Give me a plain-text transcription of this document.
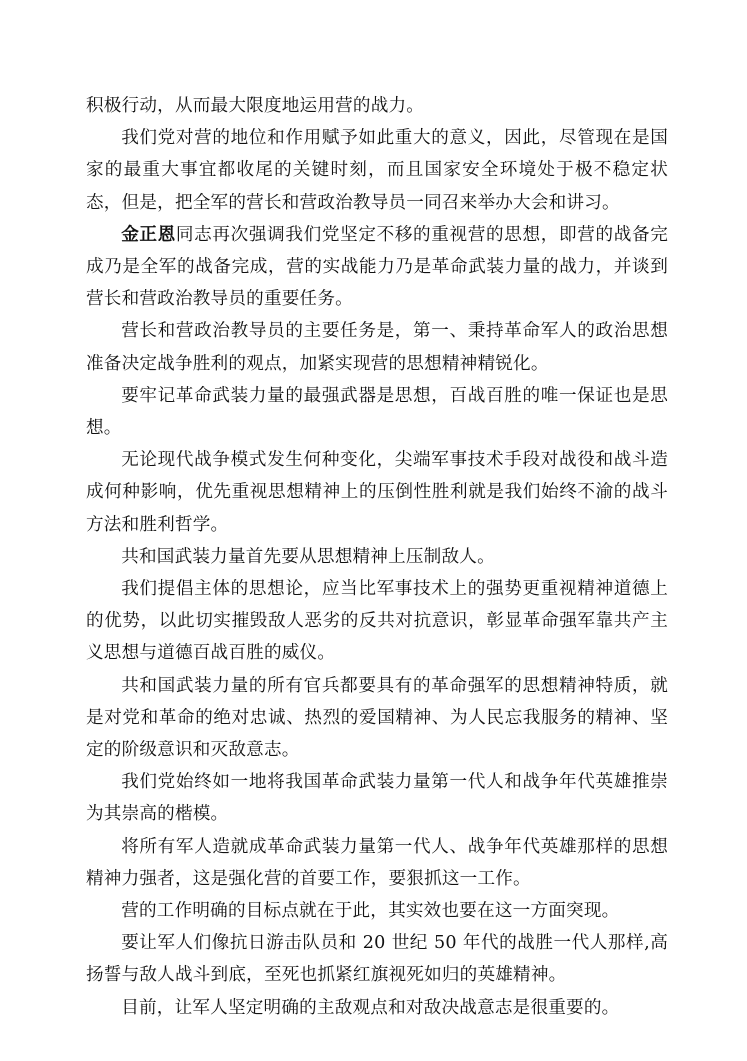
积极行动，从而最大限度地运用营的战力。

我们党对营的地位和作用赋予如此重大的意义，因此，尽管现在是国家的最重大事宜都收尾的关键时刻，而且国家安全环境处于极不稳定状态，但是，把全军的营长和营政治教导员一同召来举办大会和讲习。

金正恩同志再次强调我们党坚定不移的重视营的思想，即营的战备完成乃是全军的战备完成，营的实战能力乃是革命武装力量的战力，并谈到营长和营政治教导员的重要任务。

营长和营政治教导员的主要任务是，第一、秉持革命军人的政治思想准备决定战争胜利的观点，加紧实现营的思想精神精锐化。

要牢记革命武装力量的最强武器是思想，百战百胜的唯一保证也是思想。

无论现代战争模式发生何种变化，尖端军事技术手段对战役和战斗造成何种影响，优先重视思想精神上的压倒性胜利就是我们始终不渝的战斗方法和胜利哲学。

共和国武装力量首先要从思想精神上压制敌人。

我们提倡主体的思想论，应当比军事技术上的强势更重视精神道德上的优势，以此切实摧毁敌人恶劣的反共对抗意识，彰显革命强军靠共产主义思想与道德百战百胜的威仪。

共和国武装力量的所有官兵都要具有的革命强军的思想精神特质，就是对党和革命的绝对忠诚、热烈的爱国精神、为人民忘我服务的精神、坚定的阶级意识和灭敌意志。

我们党始终如一地将我国革命武装力量第一代人和战争年代英雄推崇为其崇高的楷模。

将所有军人造就成革命武装力量第一代人、战争年代英雄那样的思想精神力强者，这是强化营的首要工作，要狠抓这一工作。

营的工作明确的目标点就在于此，其实效也要在这一方面突现。

要让军人们像抗日游击队员和 20 世纪 50 年代的战胜一代人那样,高扬誓与敌人战斗到底，至死也抓紧红旗视死如归的英雄精神。

目前，让军人坚定明确的主敌观点和对敌决战意志是很重要的。
